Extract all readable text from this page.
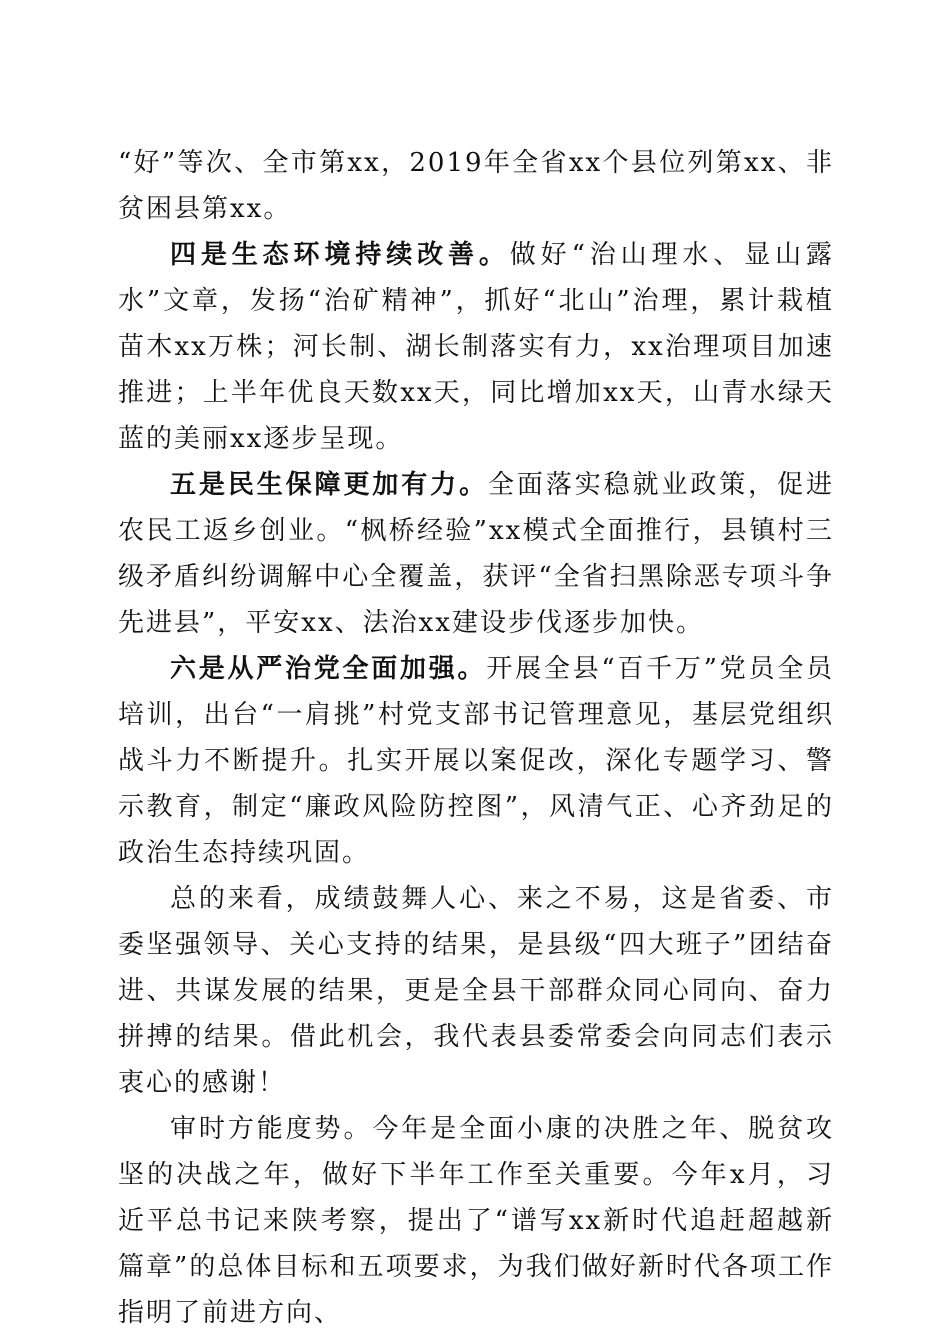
“好”等次、全市第xx，2019年全省xx个县位列第xx、非贫困县第xx。

四是生态环境持续改善。做好“治山理水、显山露水”文章，发扬“治矿精神”，抓好“北山”治理，累计栽植苗木xx万株；河长制、湖长制落实有力，xx治理项目加速推进；上半年优良天数xx天，同比增加xx天，山青水绿天蓝的美丽xx逐步呈现。

五是民生保障更加有力。全面落实稳就业政策，促进农民工返乡创业。“枫桥经验”xx模式全面推行，县镇村三级矛盾纠纷调解中心全覆盖，获评“全省扫黑除恶专项斗争先进县”，平安xx、法治xx建设步伐逐步加快。

六是从严治党全面加强。开展全县“百千万”党员全员培训，出台“一肩挑”村党支部书记管理意见，基层党组织战斗力不断提升。扎实开展以案促改，深化专题学习、警示教育，制定“廉政风险防控图”，风清气正、心齐劲足的政治生态持续巩固。

总的来看，成绩鼓舞人心、来之不易，这是省委、市委坚强领导、关心支持的结果，是县级“四大班子”团结奋进、共谋发展的结果，更是全县干部群众同心同向、奋力拼搏的结果。借此机会，我代表县委常委会向同志们表示衷心的感谢！

审时方能度势。今年是全面小康的决胜之年、脱贫攻坚的决战之年，做好下半年工作至关重要。今年x月，习近平总书记来陕考察，提出了“谱写xx新时代追赶超越新篇章”的总体目标和五项要求，为我们做好新时代各项工作指明了前进方向、
